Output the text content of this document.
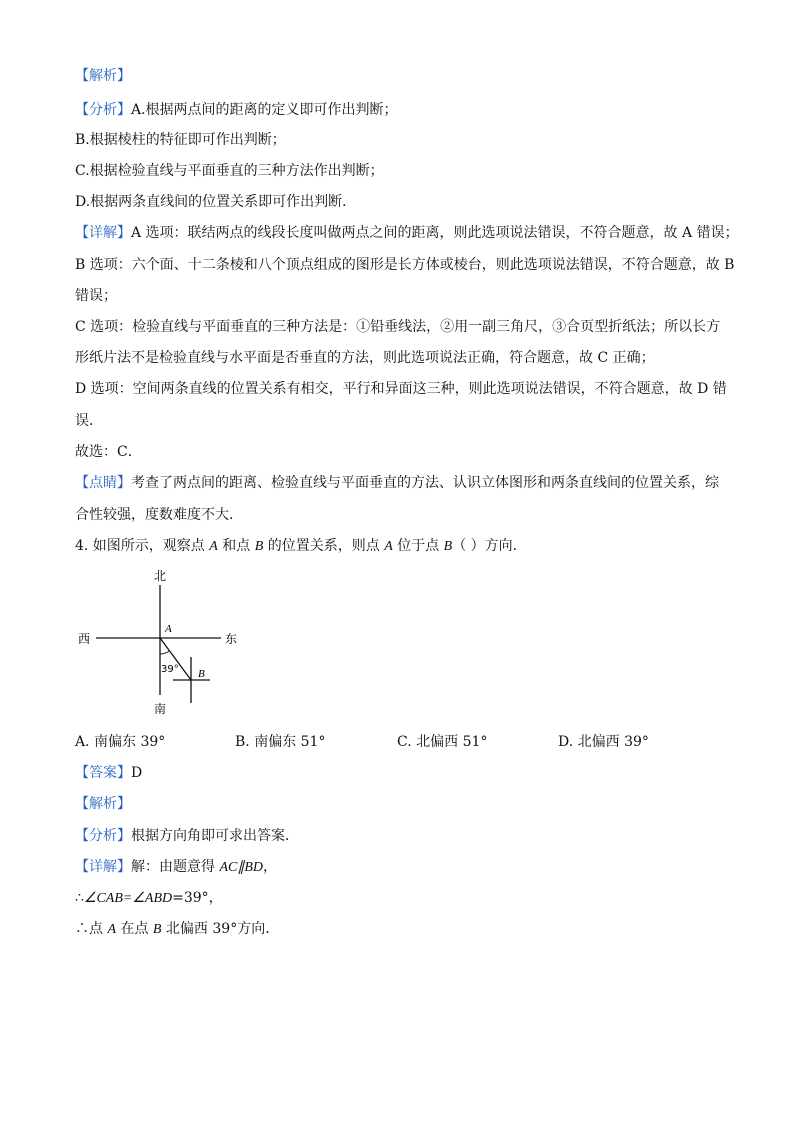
【解析】
【分析】A.根据两点间的距离的定义即可作出判断；
B.根据棱柱的特征即可作出判断；
C.根据检验直线与平面垂直的三种方法作出判断；
D.根据两条直线间的位置关系即可作出判断．
【详解】A 选项：联结两点的线段长度叫做两点之间的距离，则此选项说法错误，不符合题意，故 A 错误；
B 选项：六个面、十二条棱和八个顶点组成的图形是长方体或棱台，则此选项说法错误，不符合题意，故 B
错误；
C 选项：检验直线与平面垂直的三种方法是：①铅垂线法，②用一副三角尺，③合页型折纸法；所以长方
形纸片法不是检验直线与水平面是否垂直的方法，则此选项说法正确，符合题意，故 C 正确；
D 选项：空间两条直线的位置关系有相交，平行和异面这三种，则此选项说法错误，不符合题意，故 D 错
误．
故选：C．
【点睛】考查了两点间的距离、检验直线与平面垂直的方法、认识立体图形和两条直线间的位置关系，综
合性较强，度数难度不大．
4. 如图所示，观察点 A 和点 B 的位置关系，则点 A 位于点 B（ ）方向．
北
南
西	东
A
B
39°
A. 南偏东 39°	B. 南偏东 51°	C. 北偏西 51°	D. 北偏西 39°
【答案】D
【解析】
【分析】根据方向角即可求出答案．
【详解】解：由题意得 AC∥BD，
∴∠CAB=∠ABD=39°，
∴点 A 在点 B 北偏西 39°方向．
